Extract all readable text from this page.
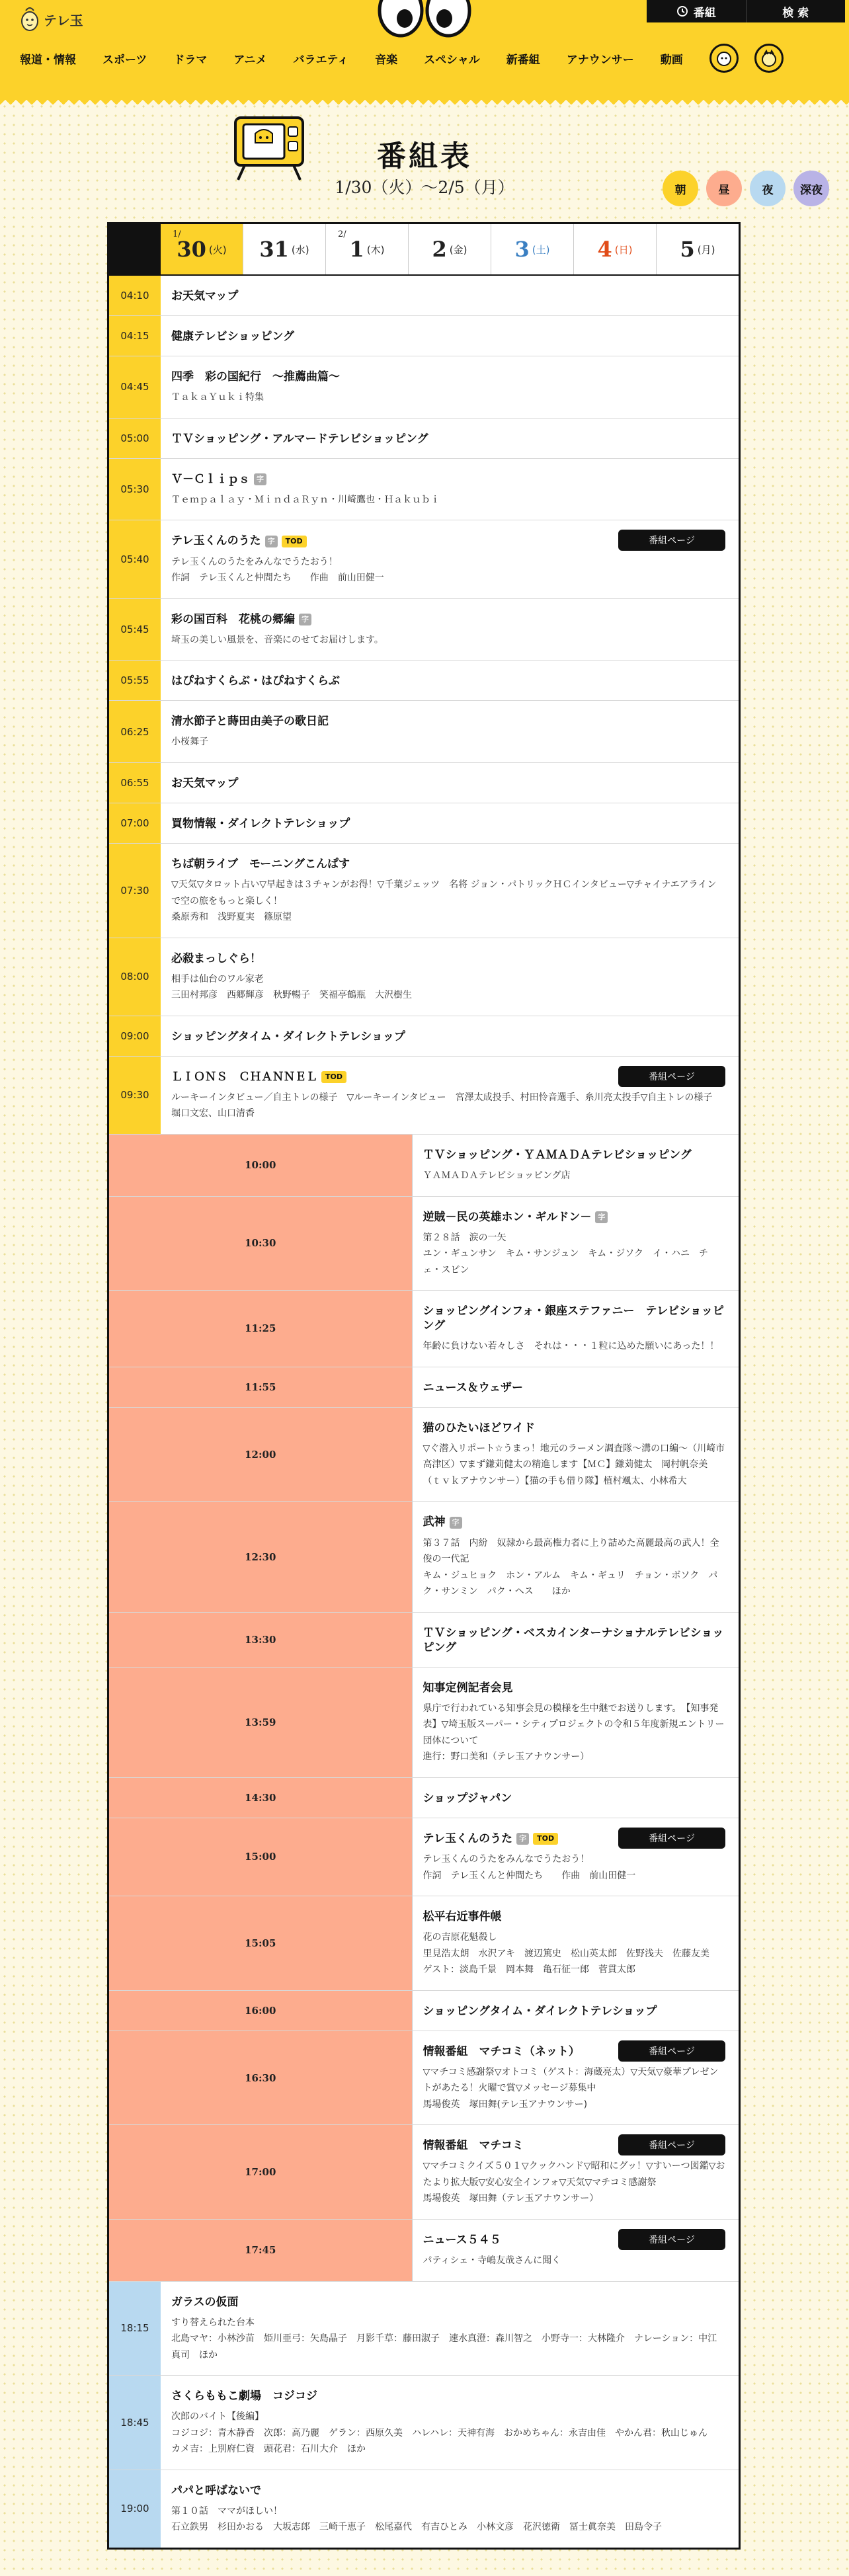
テレ玉	番組	検 索
報道・情報 スポーツ ドラマ アニメ バラエティ 音楽 スペシャル 新番組 アナウンサー 動画
番組表
1/30（火）～2/5（月）	朝	昼	夜	深夜
1/
30 (火) 31 (水)
2/
1 (木) 2 (金) 3 (土) 4 (日) 5 (月)
04:10	お天気マップ
04:15	健康テレビショッピング
04:45
四季　彩の国紀行　～推薦曲篇～

ＴａｋａＹｕｋｉ特集

05:00	ＴＶショッピング・アルマードテレビショッピング
05:30
Ｖ－Ｃｌｉｐｓ 字

Ｔｅｍｐａｌａｙ・ＭｉｎｄａＲｙｎ・川崎鷹也・Ｈａｋｕｂｉ

05:40
テレ玉くんのうた 字	TOD

テレ玉くんのうたをみんなでうたおう！

作詞　テレ玉くんと仲間たち　　作曲　前山田健一

番組ページ
05:45
彩の国百科　花桃の郷編 字

埼玉の美しい風景を、音楽にのせてお届けします。

05:55	はぴねすくらぶ・はぴねすくらぶ
06:25
清水節子と蒔田由美子の歌日記

小桜舞子

06:55	お天気マップ
07:00	買物情報・ダイレクトテレショップ
07:30
ちば朝ライブ　モーニングこんぱす

▽天気▽タロット占い▽早起きは３チャンがお得！▽千葉ジェッツ　名将 ジョン・パトリックＨＣインタビュー▽チャイナエアラインで空の旅をもっと楽しく！

桑原秀和　浅野夏実　篠原望

08:00
必殺まっしぐら！

相手は仙台のワル家老

三田村邦彦　西郷輝彦　秋野暢子　笑福亭鶴瓶　大沢樹生

09:00	ショッピングタイム・ダイレクトテレショップ
09:30
ＬＩＯＮＳ　ＣＨＡＮＮＥＬ	TOD

ルーキーインタビュー／自主トレの様子　▽ルーキーインタビュー　宮澤太成投手、村田怜音選手、糸川亮太投手▽自主トレの様子

堀口文宏、山口清香

番組ページ
10:00
ＴＶショッピング・ＹＡＭＡＤＡテレビショッピング

ＹＡＭＡＤＡテレビショッピング店

10:30
逆賊－民の英雄ホン・ギルドン－ 字

第２８話　涙の一矢

ユン・ギュンサン　キム・サンジュン　キム・ジソク　イ・ハニ　チェ・スビン

11:25
ショッピングインフォ・銀座ステファニー　テレビショッピング

年齢に負けない若々しさ　それは・・・１粒に込めた願いにあった！！

11:55	ニュース＆ウェザー
12:00
猫のひたいほどワイド

▽ぐ潜入リポート☆うまっ！地元のラーメン調査隊～溝の口編～（川崎市高津区）▽まず鎌苅健太の精進します【ＭＣ】鎌苅健太　岡村帆奈美（ｔｖｋアナウンサー）【猫の手も借り隊】植村颯太、小林希大

12:30
武神 字

第３７話　内紛　奴隷から最高権力者に上り詰めた高麗最高の武人！全俊の一代記

キム・ジュヒョク　ホン・アルム　キム・ギュリ　チョン・ボソク　パク・サンミン　パク・ヘス　　ほか

13:30
ＴＶショッピング・ベスカインターナショナルテレビショッピング
13:59
知事定例記者会見

県庁で行われている知事会見の模様を生中継でお送りします。　【知事発表】▽埼玉版スーパー・シティプロジェクトの令和５年度新規エントリー団体について

進行：野口美和（テレ玉アナウンサー）

14:30	ショップジャパン
15:00
テレ玉くんのうた 字	TOD

テレ玉くんのうたをみんなでうたおう！

作詞　テレ玉くんと仲間たち　　作曲　前山田健一

番組ページ
15:05
松平右近事件帳

花の吉原花魁殺し

里見浩太朗　水沢アキ　渡辺篤史　松山英太郎　佐野浅夫　佐藤友美　ゲスト：淡島千景　岡本舞　亀石征一郎　菅貫太郎

16:00	ショッピングタイム・ダイレクトテレショップ
16:30
情報番組　マチコミ（ネット）

▽マチコミ感謝祭▽オトコミ（ゲスト：海蔵亮太）▽天気▽豪華プレゼントがあたる！火曜で賞▽メッセージ募集中

馬場俊英　塚田舞(テレ玉アナウンサー)

番組ページ
17:00
情報番組　マチコミ

▽マチコミクイズ５０１▽クックハンド▽昭和にグッ！▽すいーつ図鑑▽おたより拡大版▽安心安全インフォ▽天気▽マチコミ感謝祭

馬場俊英　塚田舞（テレ玉アナウンサー）

番組ページ
17:45
ニュース５４５

パティシェ・寺嶋友哉さんに聞く

番組ページ
18:15
ガラスの仮面

すり替えられた台本

北島マヤ：小林沙苗　姫川亜弓：矢島晶子　月影千草：藤田淑子　速水真澄：森川智之　小野寺一：大林隆介　ナレーション：中江真司　ほか

18:45
さくらももこ劇場　コジコジ

次郎のバイト【後編】

コジコジ：青木静香　次郎：高乃麗　ゲラン：西原久美　ハレハレ：天神有海　おかめちゃん：永吉由佳　やかん君：秋山じゅん　カメ吉：上別府仁資　頭花君：石川大介　ほか

19:00
パパと呼ばないで

第１０話　ママがほしい！

石立鉄男　杉田かおる　大坂志郎　三崎千恵子　松尾嘉代　有吉ひとみ　小林文彦　花沢徳衛　冨士眞奈美　田島令子
